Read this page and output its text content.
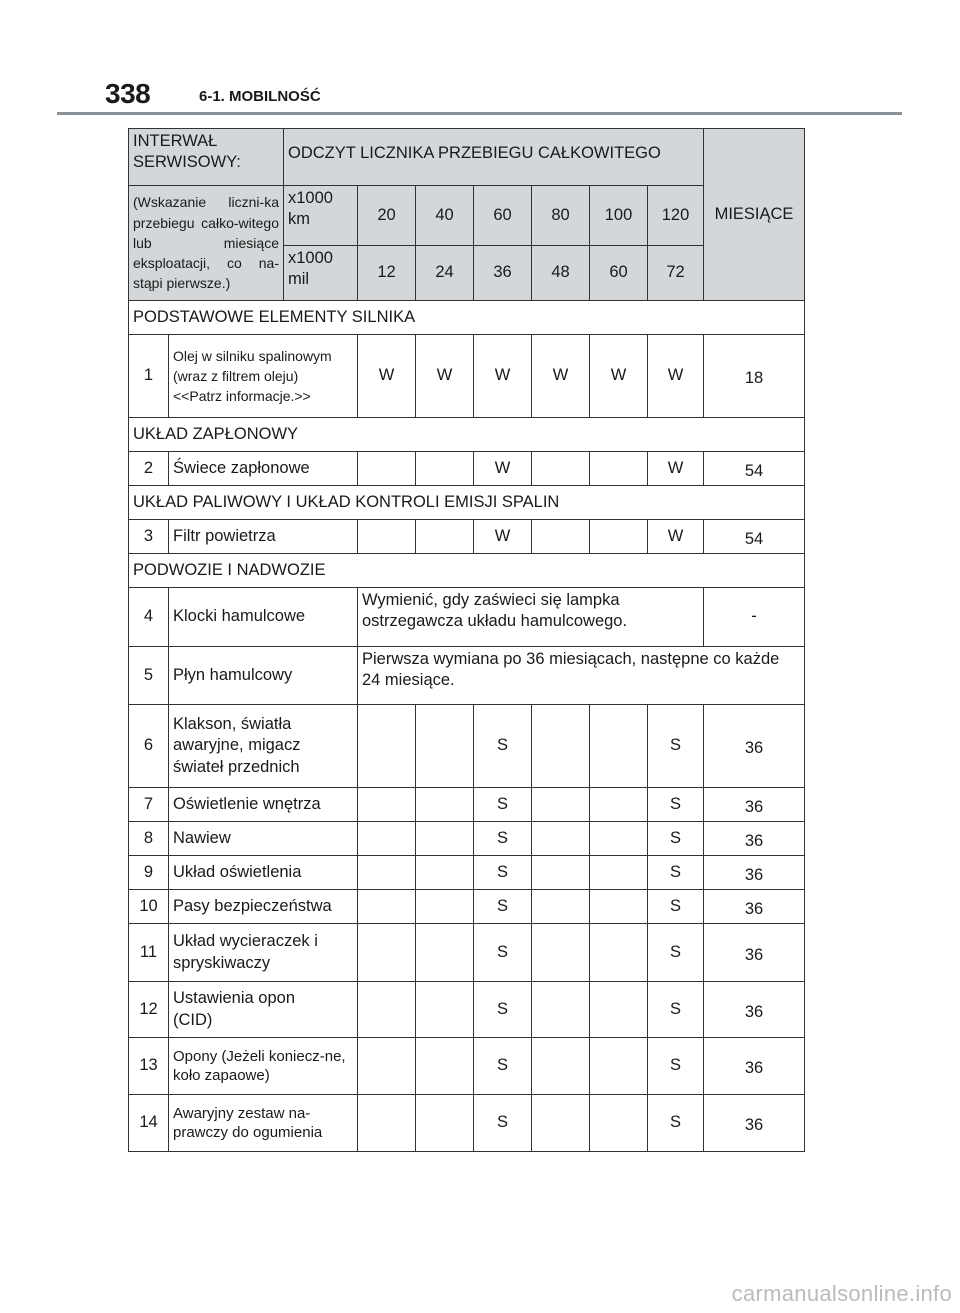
338	6-1. MOBILNOŚĆ
INTERWAŁ SERWISOWY:		ODCZYT LICZNIKA PRZEBIEGU CAŁKOWITEGO							MIESIĄCE
(Wskazanie liczni-ka przebiegu całko-witego lub miesiące eksploatacji, co na-stąpi pierwsze.)		x1000 km	20	40	60	80	100	120	
		x1000 mil	12	24	36	48	60	72	
PODSTAWOWE ELEMENTY SILNIKA									
1	Olej w silniku spalinowym
(wraz z filtrem oleju)
<<Patrz informacje.>>		W	W	W	W	W	W	18
UKŁAD ZAPŁONOWY									
2	Świece zapłonowe				W			W	54
UKŁAD PALIWOWY I UKŁAD KONTROLI EMISJI SPALIN									
3	Filtr powietrza				W			W	54
PODWOZIE I NADWOZIE									
4	Klocki hamulcowe		Wymienić, gdy zaświeci się lampka ostrzegawcza układu hamulcowego.						-
5	Płyn hamulcowy		Pierwsza wymiana po 36 miesiącach, następne co każde 24 miesiące.						
6	Klakson, światła awaryjne, migacz świateł przednich				S			S	36
7	Oświetlenie wnętrza				S			S	36
8	Nawiew				S			S	36
9	Układ oświetlenia				S			S	36
10	Pasy bezpieczeństwa				S			S	36
11	Układ wycieraczek i spryskiwaczy				S			S	36
12	Ustawienia opon (CID)				S			S	36
13	Opony (Jeżeli koniecz-ne, koło zapaowe)				S			S	36
14	Awaryjny zestaw na-prawczy do ogumienia				S			S	36
carmanualsonline.info
